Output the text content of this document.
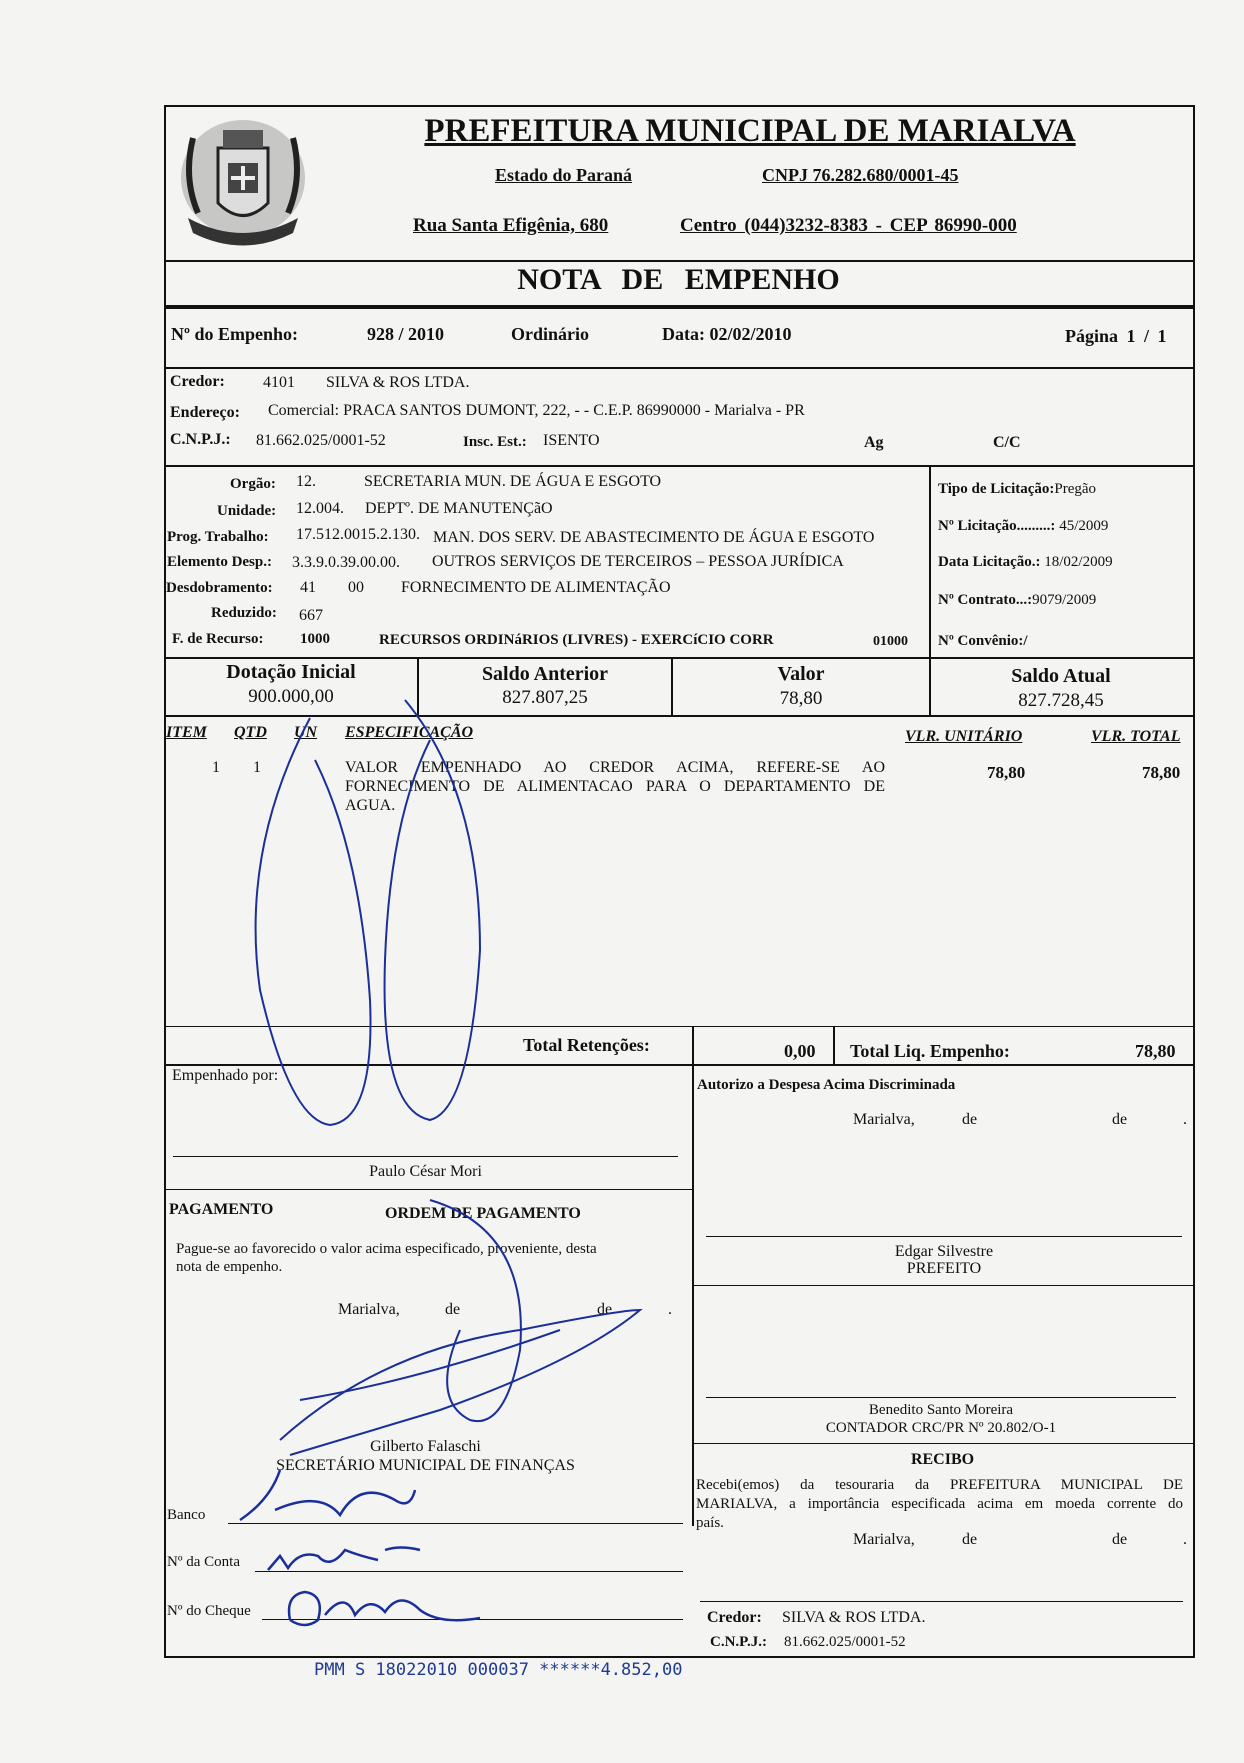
PREFEITURA MUNICIPAL DE MARIALVA
Estado do Paraná	CNPJ 76.282.680/0001-45
Rua Santa Efigênia, 680	Centro (044)3232-8383 - CEP 86990-000
NOTA DE EMPENHO
Nº do Empenho:	928 / 2010	Ordinário	Data: 02/02/2010	Página 1 / 1
Credor: 4101 SILVA & ROS LTDA.
Endereço: Comercial: PRACA SANTOS DUMONT, 222, - - C.E.P. 86990000 - Marialva - PR
C.N.P.J.: 81.662.025/0001-52	Insc. Est.: ISENTO	Ag	C/C
Orgão: 12.	SECRETARIA MUN. DE ÁGUA E ESGOTO
Unidade: 12.004. DEPTº. DE MANUTENÇãO
Prog. Trabalho: 17.512.0015.2.130. MAN. DOS SERV. DE ABASTECIMENTO DE ÁGUA E ESGOTO
Elemento Desp.: 3.3.9.0.39.00.00. OUTROS SERVIÇOS DE TERCEIROS – PESSOA JURÍDICA
Desdobramento: 41 00 FORNECIMENTO DE ALIMENTAÇÃO
Reduzido: 667
F. de Recurso: 1000	RECURSOS ORDINáRIOS (LIVRES) - EXERCíCIO CORR	01000
Tipo de Licitação:Pregão
Nº Licitação.........: 45/2009
Data Licitação.: 18/02/2009
Nº Contrato...:9079/2009
Nº Convênio:/
Dotação Inicial
900.000,00
Saldo Anterior
827.807,25
Valor
78,80
Saldo Atual
827.728,45
ITEM QTD UN ESPECIFICAÇÃO	VLR. UNITÁRIO	VLR. TOTAL
1 1	VALOR EMPENHADO AO CREDOR ACIMA, REFERE-SE AO
FORNECIMENTO DE ALIMENTACAO PARA O DEPARTAMENTO DE
AGUA.
78,80	78,80
Total Retenções:	0,00 Total Liq. Empenho:	78,80
Empenhado por:
Paulo César Mori
Autorizo a Despesa Acima Discriminada
Marialva,	de	de	.
Edgar Silvestre
PREFEITO
PAGAMENTO	ORDEM DE PAGAMENTO
Pague-se ao favorecido o valor acima especificado, proveniente, desta
nota de empenho.
Marialva,	de	de	.
Gilberto Falaschi
SECRETÁRIO MUNICIPAL DE FINANÇAS
Banco
Nº da Conta
Nº do Cheque
Benedito Santo Moreira
CONTADOR CRC/PR Nº 20.802/O-1
RECIBO
Recebi(emos) da tesouraria da PREFEITURA MUNICIPAL DE
MARIALVA, a importância especificada acima em moeda corrente do
país.
Marialva,	de	de	.
Credor: SILVA & ROS LTDA.
C.N.P.J.: 81.662.025/0001-52
PMM S 18022010 000037 ******4.852,00
